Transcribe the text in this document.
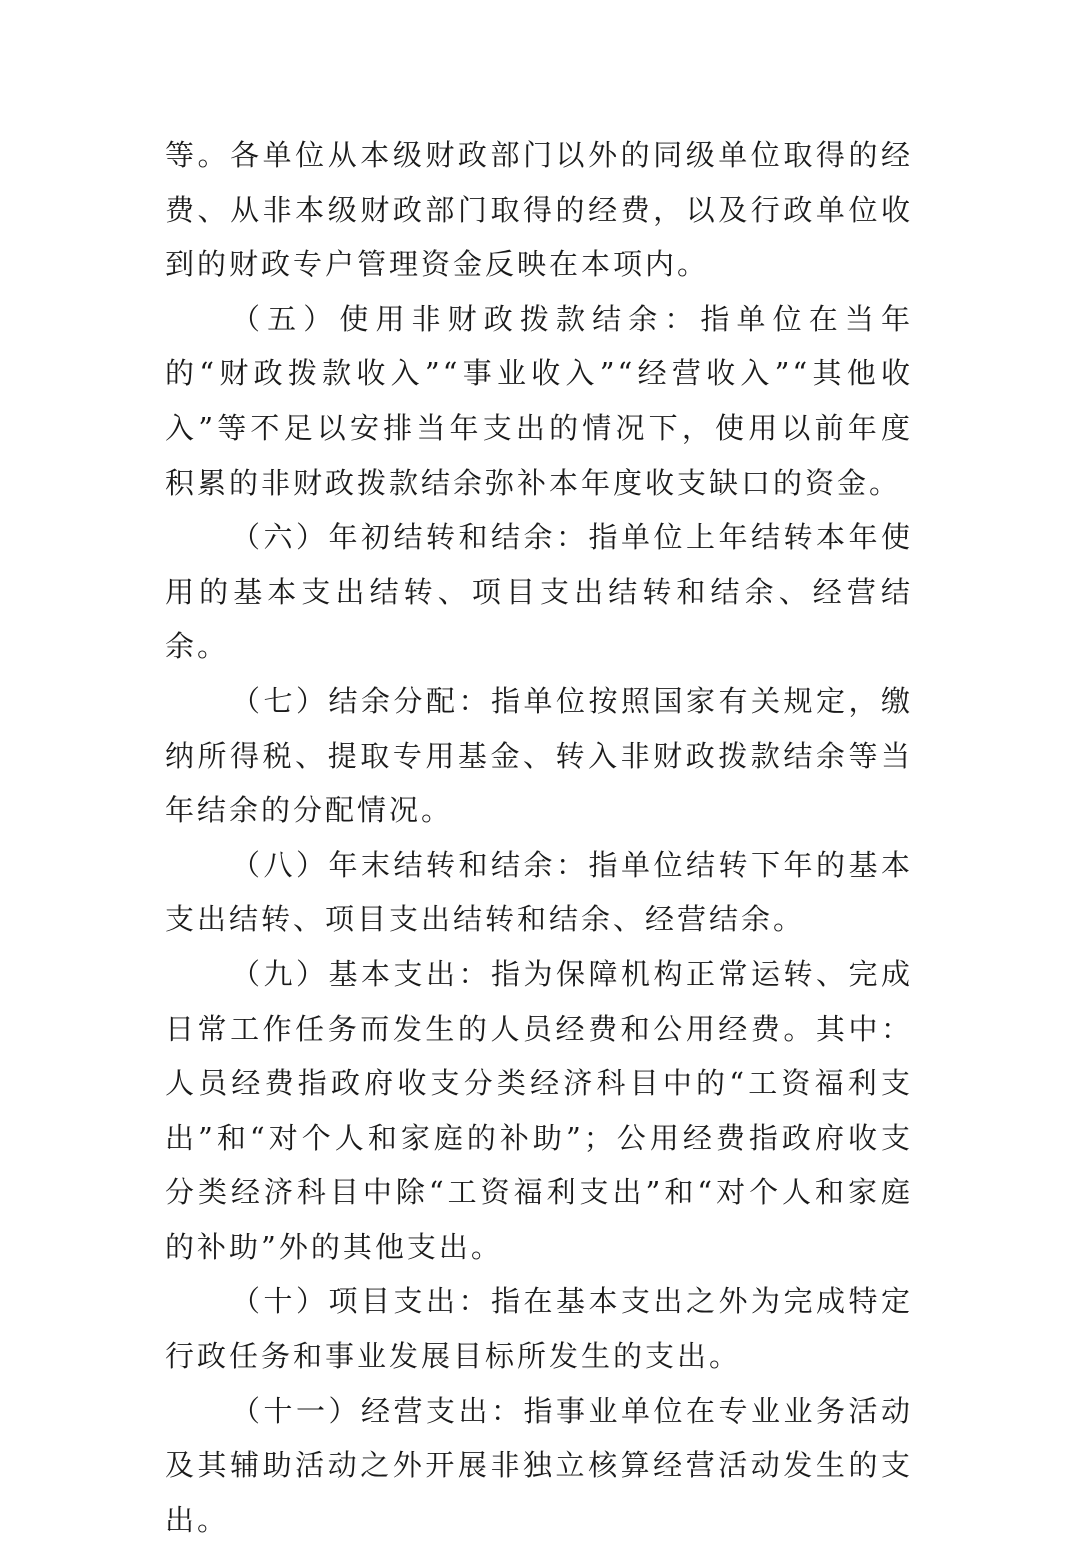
等。各单位从本级财政部门以外的同级单位取得的经费、从非本级财政部门取得的经费，以及行政单位收到的财政专户管理资金反映在本项内。

（五）使用非财政拨款结余：指单位在当年的“财政拨款收入”“事业收入”“经营收入”“其他收入”等不足以安排当年支出的情况下，使用以前年度积累的非财政拨款结余弥补本年度收支缺口的资金。

（六）年初结转和结余：指单位上年结转本年使用的基本支出结转、项目支出结转和结余、经营结余。

（七）结余分配：指单位按照国家有关规定，缴纳所得税、提取专用基金、转入非财政拨款结余等当年结余的分配情况。

（八）年末结转和结余：指单位结转下年的基本支出结转、项目支出结转和结余、经营结余。

（九）基本支出：指为保障机构正常运转、完成日常工作任务而发生的人员经费和公用经费。其中：人员经费指政府收支分类经济科目中的“工资福利支出”和“对个人和家庭的补助”；公用经费指政府收支分类经济科目中除“工资福利支出”和“对个人和家庭的补助”外的其他支出。

（十）项目支出：指在基本支出之外为完成特定行政任务和事业发展目标所发生的支出。

（十一）经营支出：指事业单位在专业业务活动及其辅助活动之外开展非独立核算经营活动发生的支出。
